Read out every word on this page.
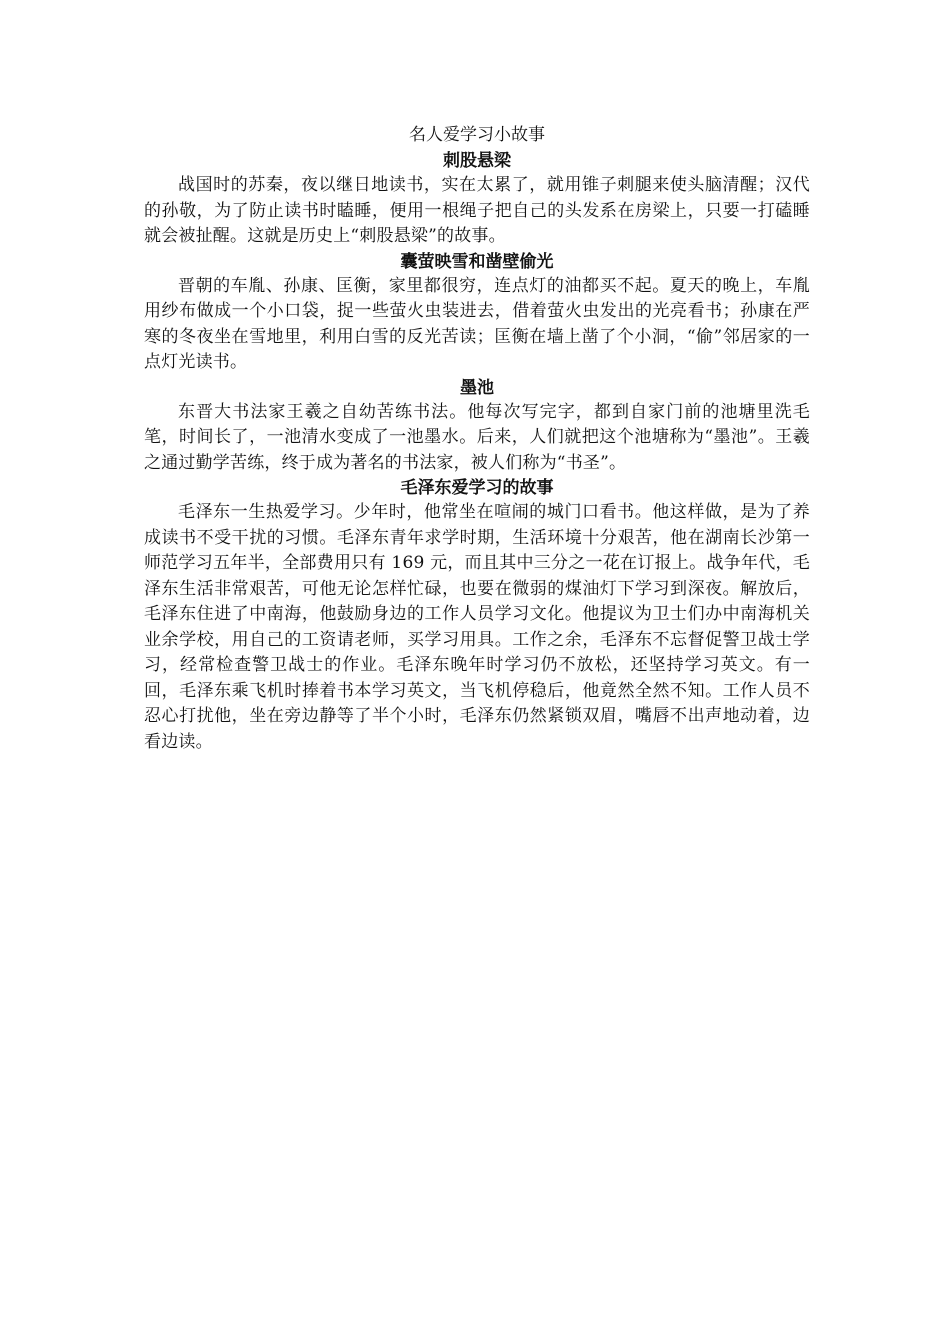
名人爱学习小故事
刺股悬梁

战国时的苏秦，夜以继日地读书，实在太累了，就用锥子刺腿来使头脑清醒；汉代的孙敬，为了防止读书时瞌睡，便用一根绳子把自己的头发系在房梁上，只要一打磕睡就会被扯醒。这就是历史上“刺股悬梁”的故事。

囊萤映雪和凿壁偷光

晋朝的车胤、孙康、匡衡，家里都很穷，连点灯的油都买不起。夏天的晚上，车胤用纱布做成一个小口袋，捉一些萤火虫装进去，借着萤火虫发出的光亮看书；孙康在严寒的冬夜坐在雪地里，利用白雪的反光苦读；匡衡在墙上凿了个小洞，“偷”邻居家的一点灯光读书。

墨池

东晋大书法家王羲之自幼苦练书法。他每次写完字，都到自家门前的池塘里洗毛笔，时间长了，一池清水变成了一池墨水。后来，人们就把这个池塘称为“墨池”。王羲之通过勤学苦练，终于成为著名的书法家，被人们称为“书圣”。

毛泽东爱学习的故事

毛泽东一生热爱学习。少年时，他常坐在喧闹的城门口看书。他这样做，是为了养成读书不受干扰的习惯。毛泽东青年求学时期，生活环境十分艰苦，他在湖南长沙第一师范学习五年半，全部费用只有 169 元，而且其中三分之一花在订报上。战争年代，毛泽东生活非常艰苦，可他无论怎样忙碌，也要在微弱的煤油灯下学习到深夜。解放后，毛泽东住进了中南海，他鼓励身边的工作人员学习文化。他提议为卫士们办中南海机关业余学校，用自己的工资请老师，买学习用具。工作之余，毛泽东不忘督促警卫战士学习，经常检查警卫战士的作业。毛泽东晚年时学习仍不放松，还坚持学习英文。有一回，毛泽东乘飞机时捧着书本学习英文，当飞机停稳后，他竟然全然不知。工作人员不忍心打扰他，坐在旁边静等了半个小时，毛泽东仍然紧锁双眉，嘴唇不出声地动着，边看边读。
